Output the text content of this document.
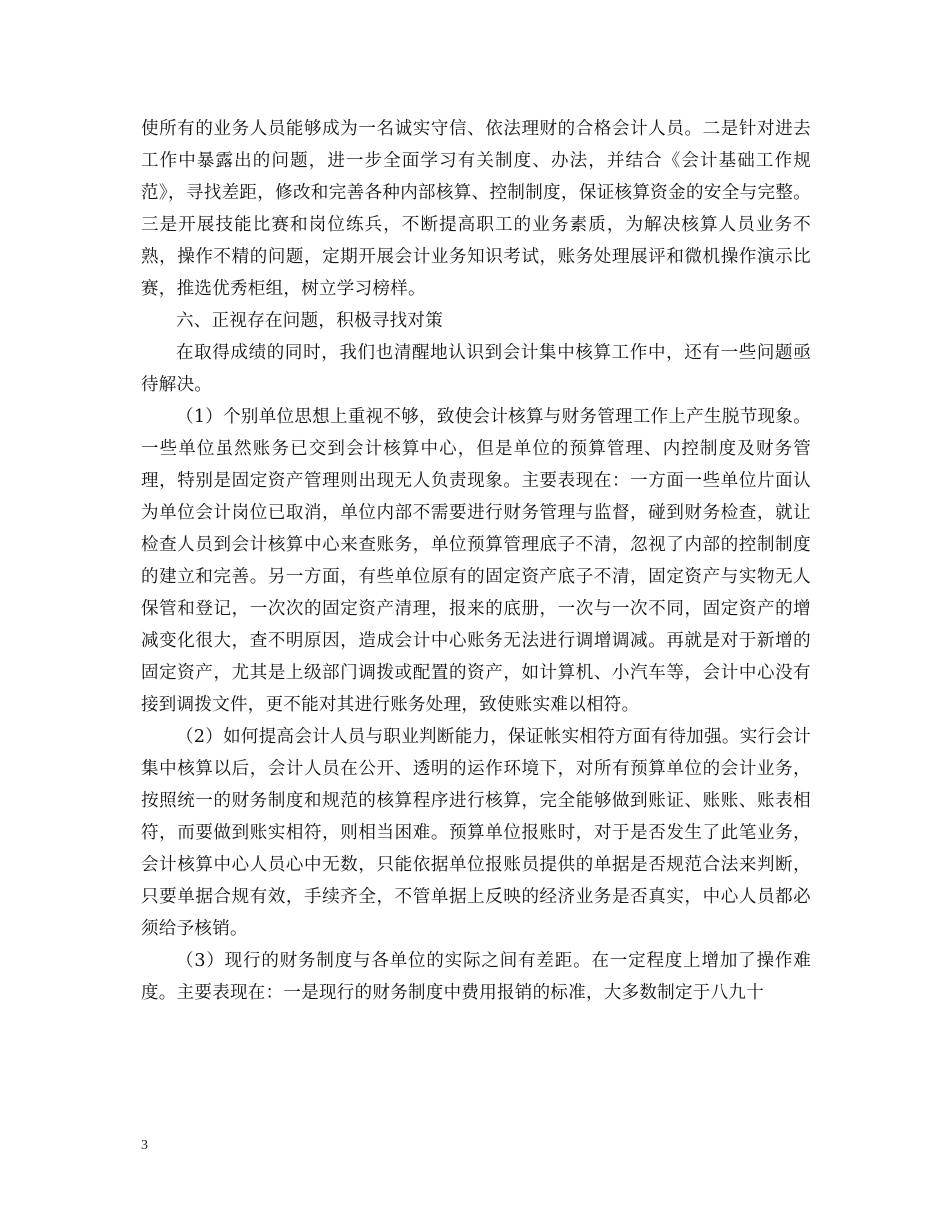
使所有的业务人员能够成为一名诚实守信、依法理财的合格会计人员。二是针对进去工作中暴露出的问题，进一步全面学习有关制度、办法，并结合《会计基础工作规范》，寻找差距，修改和完善各种内部核算、控制制度，保证核算资金的安全与完整。三是开展技能比赛和岗位练兵，不断提高职工的业务素质，为解决核算人员业务不熟，操作不精的问题，定期开展会计业务知识考试，账务处理展评和微机操作演示比赛，推选优秀柜组，树立学习榜样。

六、正视存在问题，积极寻找对策

在取得成绩的同时，我们也清醒地认识到会计集中核算工作中，还有一些问题亟待解决。

（1）个别单位思想上重视不够，致使会计核算与财务管理工作上产生脱节现象。一些单位虽然账务已交到会计核算中心，但是单位的预算管理、内控制度及财务管理，特别是固定资产管理则出现无人负责现象。主要表现在：一方面一些单位片面认为单位会计岗位已取消，单位内部不需要进行财务管理与监督，碰到财务检查，就让检查人员到会计核算中心来查账务，单位预算管理底子不清，忽视了内部的控制制度的建立和完善。另一方面，有些单位原有的固定资产底子不清，固定资产与实物无人保管和登记，一次次的固定资产清理，报来的底册，一次与一次不同，固定资产的增减变化很大，查不明原因，造成会计中心账务无法进行调增调减。再就是对于新增的固定资产，尤其是上级部门调拨或配置的资产，如计算机、小汽车等，会计中心没有接到调拨文件，更不能对其进行账务处理，致使账实难以相符。

（2）如何提高会计人员与职业判断能力，保证帐实相符方面有待加强。实行会计集中核算以后，会计人员在公开、透明的运作环境下，对所有预算单位的会计业务，按照统一的财务制度和规范的核算程序进行核算，完全能够做到账证、账账、账表相符，而要做到账实相符，则相当困难。预算单位报账时，对于是否发生了此笔业务，会计核算中心人员心中无数，只能依据单位报账员提供的单据是否规范合法来判断，只要单据合规有效，手续齐全，不管单据上反映的经济业务是否真实，中心人员都必须给予核销。

（3）现行的财务制度与各单位的实际之间有差距。在一定程度上增加了操作难度。主要表现在：一是现行的财务制度中费用报销的标准，大多数制定于八九十

3
